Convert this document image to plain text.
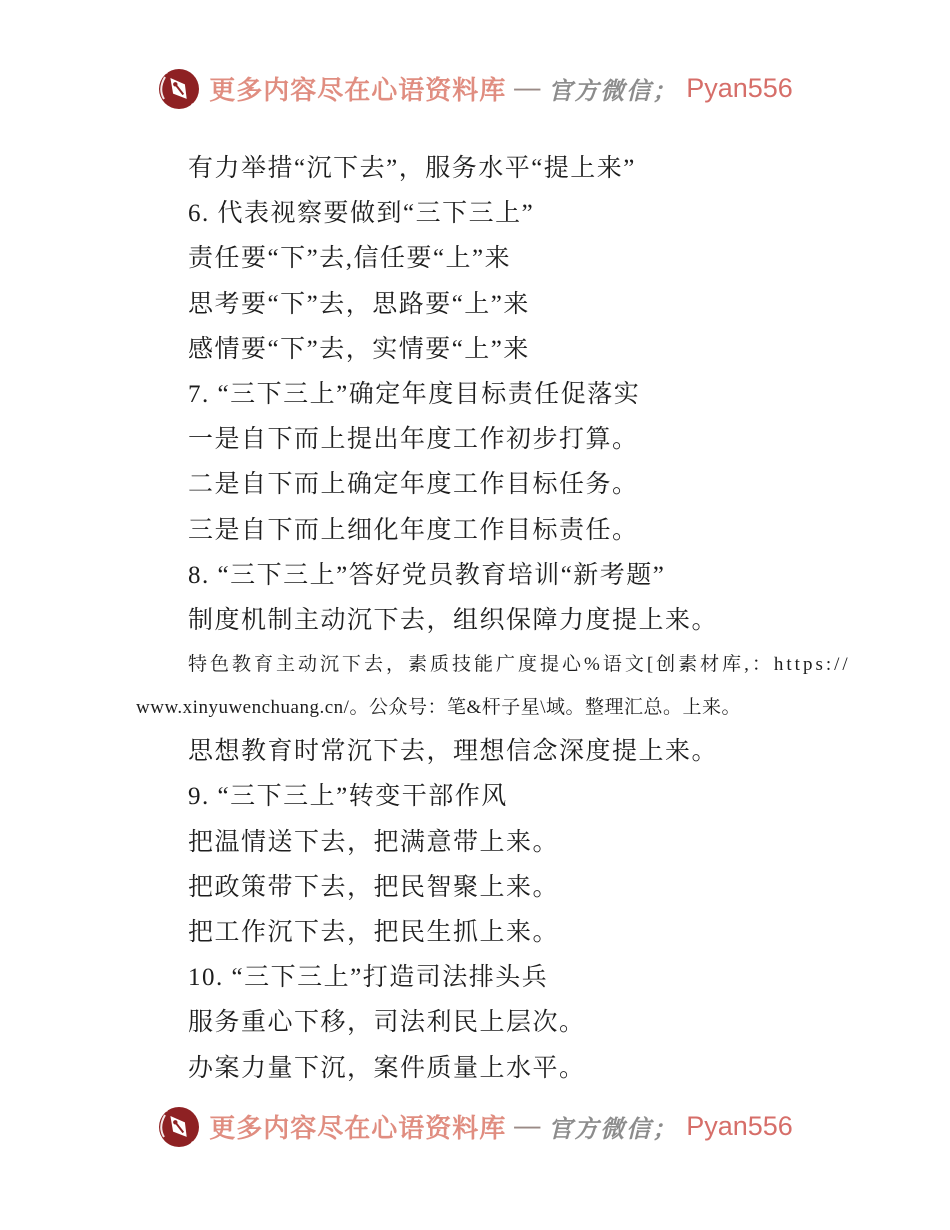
更多内容尽在心语资料库 — 官方微信； Pyan556
有力举措“沉下去”，服务水平“提上来”
6. 代表视察要做到“三下三上”
责任要“下”去,信任要“上”来
思考要“下”去，思路要“上”来
感情要“下”去，实情要“上”来
7. “三下三上”确定年度目标责任促落实
一是自下而上提出年度工作初步打算。
二是自下而上确定年度工作目标任务。
三是自下而上细化年度工作目标责任。
8. “三下三上”答好党员教育培训“新考题”
制度机制主动沉下去，组织保障力度提上来。
特色教育主动沉下去，素质技能广度提心%语文[创素材库,：https://
www.xinyuwenchuang.cn/。公众号：笔&杆子星\域。整理汇总。上来。
思想教育时常沉下去，理想信念深度提上来。
9. “三下三上”转变干部作风
把温情送下去，把满意带上来。
把政策带下去，把民智聚上来。
把工作沉下去，把民生抓上来。
10. “三下三上”打造司法排头兵
服务重心下移，司法利民上层次。
办案力量下沉，案件质量上水平。
更多内容尽在心语资料库 — 官方微信； Pyan556
